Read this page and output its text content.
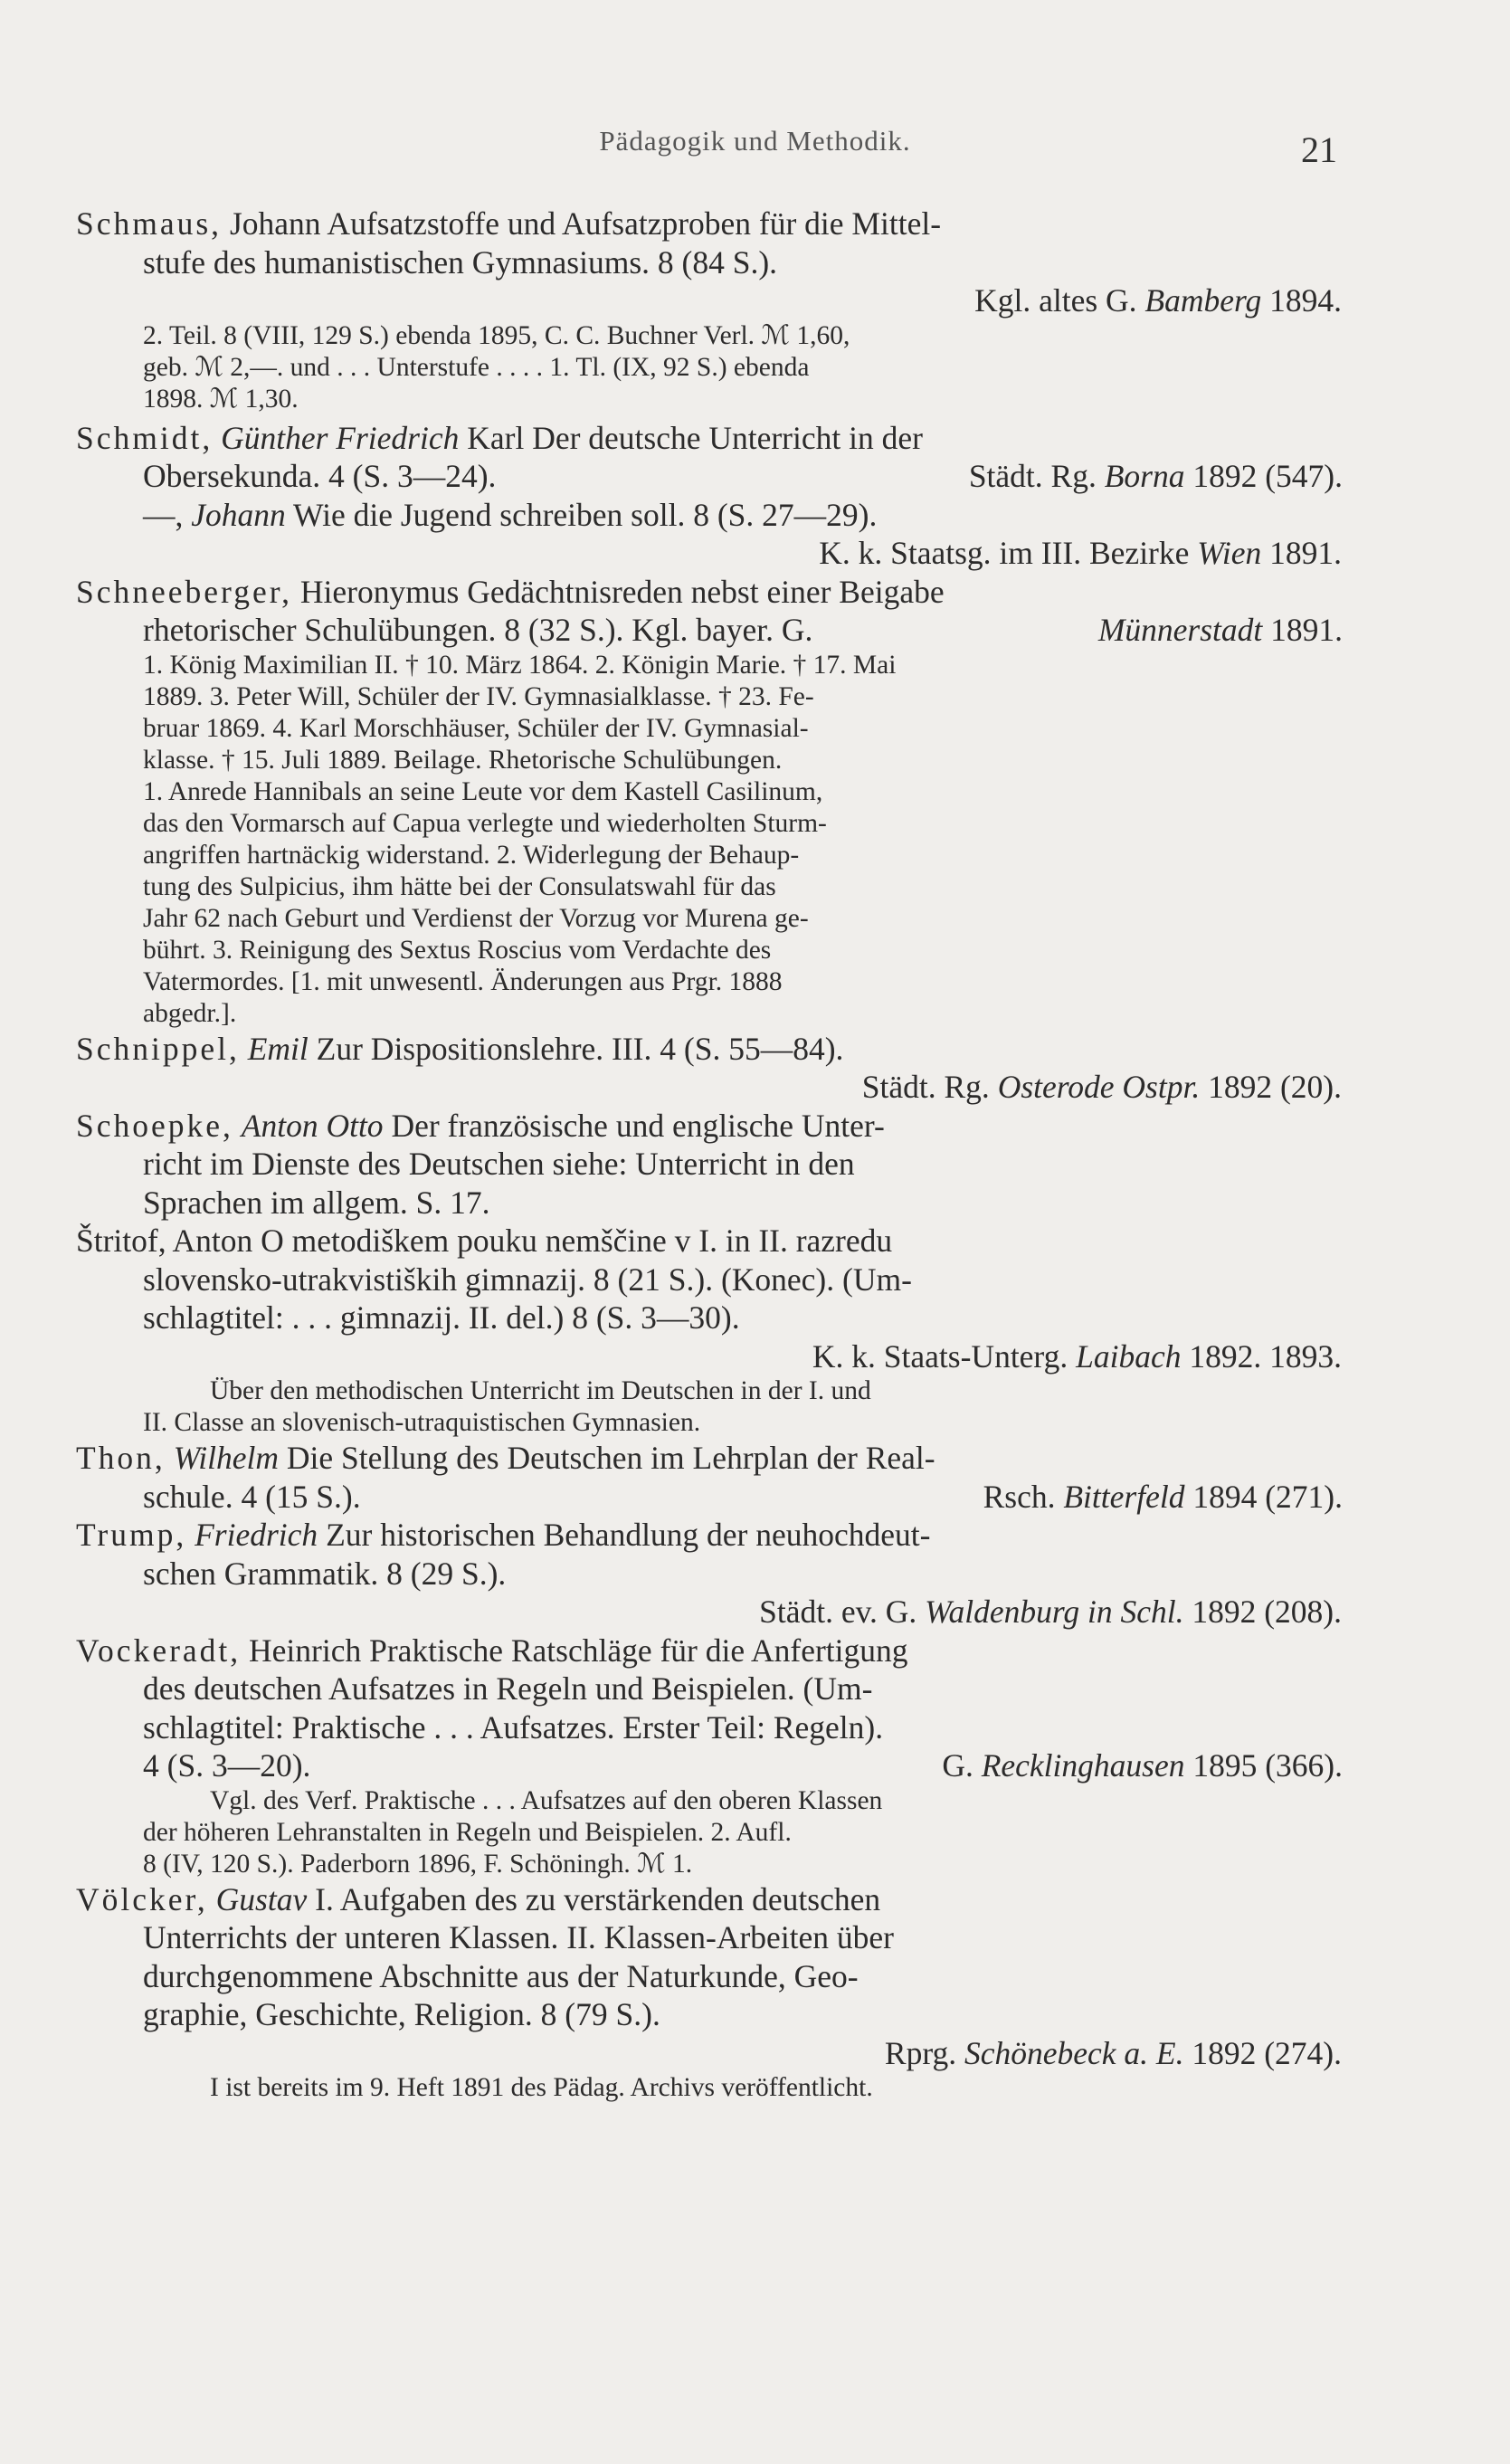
Pädagogik und Methodik.	21
Schmaus, Johann Aufsatzstoffe und Aufsatzproben für die Mittel-
stufe des humanistischen Gymnasiums. 8 (84 S.).
Kgl. altes G. Bamberg 1894.
2. Teil. 8 (VIII, 129 S.) ebenda 1895, C. C. Buchner Verl. ℳ 1,60,
geb. ℳ 2,—. und . . . Unterstufe . . . . 1. Tl. (IX, 92 S.) ebenda
1898. ℳ 1,30.
Schmidt, Günther Friedrich Karl Der deutsche Unterricht in der
Obersekunda. 4 (S. 3—24).	Städt. Rg. Borna 1892 (547).
—, Johann Wie die Jugend schreiben soll. 8 (S. 27—29).
K. k. Staatsg. im III. Bezirke Wien 1891.
Schneeberger, Hieronymus Gedächtnisreden nebst einer Beigabe
rhetorischer Schulübungen. 8 (32 S.). Kgl. bayer. G.	Münnerstadt 1891.
1. König Maximilian II. † 10. März 1864. 2. Königin Marie. † 17. Mai
1889. 3. Peter Will, Schüler der IV. Gymnasialklasse. † 23. Fe-
bruar 1869. 4. Karl Morschhäuser, Schüler der IV. Gymnasial-
klasse. † 15. Juli 1889. Beilage. Rhetorische Schulübungen.
1. Anrede Hannibals an seine Leute vor dem Kastell Casilinum,
das den Vormarsch auf Capua verlegte und wiederholten Sturm-
angriffen hartnäckig widerstand. 2. Widerlegung der Behaup-
tung des Sulpicius, ihm hätte bei der Consulatswahl für das
Jahr 62 nach Geburt und Verdienst der Vorzug vor Murena ge-
bührt. 3. Reinigung des Sextus Roscius vom Verdachte des
Vatermordes. [1. mit unwesentl. Änderungen aus Prgr. 1888
abgedr.].
Schnippel, Emil Zur Dispositionslehre. III. 4 (S. 55—84).
Städt. Rg. Osterode Ostpr. 1892 (20).
Schoepke, Anton Otto Der französische und englische Unter-
richt im Dienste des Deutschen siehe: Unterricht in den
Sprachen im allgem. S. 17.
Štritof, Anton O metodiškem pouku nemščine v I. in II. razredu
slovensko-utrakvistiških gimnazij. 8 (21 S.). (Konec). (Um-
schlagtitel: . . . gimnazij. II. del.) 8 (S. 3—30).
K. k. Staats-Unterg. Laibach 1892. 1893.
Über den methodischen Unterricht im Deutschen in der I. und
II. Classe an slovenisch-utraquistischen Gymnasien.
Thon, Wilhelm Die Stellung des Deutschen im Lehrplan der Real-
schule. 4 (15 S.).	Rsch. Bitterfeld 1894 (271).
Trump, Friedrich Zur historischen Behandlung der neuhochdeut-
schen Grammatik. 8 (29 S.).
Städt. ev. G. Waldenburg in Schl. 1892 (208).
Vockeradt, Heinrich Praktische Ratschläge für die Anfertigung
des deutschen Aufsatzes in Regeln und Beispielen. (Um-
schlagtitel: Praktische . . . Aufsatzes. Erster Teil: Regeln).
4 (S. 3—20).	G. Recklinghausen 1895 (366).
Vgl. des Verf. Praktische . . . Aufsatzes auf den oberen Klassen
der höheren Lehranstalten in Regeln und Beispielen. 2. Aufl.
8 (IV, 120 S.). Paderborn 1896, F. Schöningh. ℳ 1.
Völcker, Gustav I. Aufgaben des zu verstärkenden deutschen
Unterrichts der unteren Klassen. II. Klassen-Arbeiten über
durchgenommene Abschnitte aus der Naturkunde, Geo-
graphie, Geschichte, Religion. 8 (79 S.).
Rprg. Schönebeck a. E. 1892 (274).
I ist bereits im 9. Heft 1891 des Pädag. Archivs veröffentlicht.
